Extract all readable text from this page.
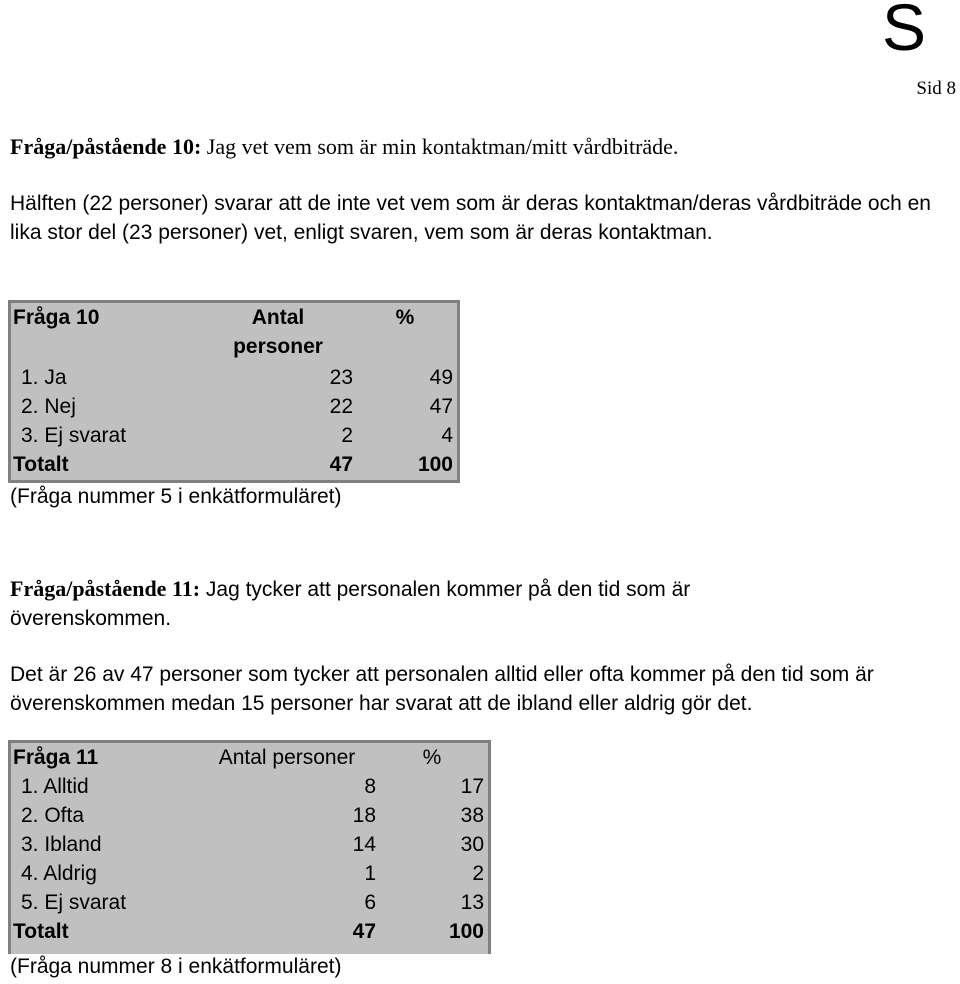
S
Sid 8
Fråga/påstående 10: Jag vet vem som är min kontaktman/mitt vårdbiträde.
Hälften (22 personer) svarar att de inte vet vem som är deras kontaktman/deras vårdbiträde och en lika stor del (23 personer) vet, enligt svaren, vem som är deras kontaktman.
Fråga 10	Antal personer	%
1. Ja	23	49
2. Nej	22	47
3. Ej svarat	2	4
Totalt	47	100
(Fråga nummer 5 i enkätformuläret)
Fråga/påstående 11: Jag tycker att personalen kommer på den tid som är överenskommen.
Det är 26 av 47 personer som tycker att personalen alltid eller ofta kommer på den tid som är överenskommen medan 15 personer har svarat att de ibland eller aldrig gör det.
Fråga 11	Antal personer	%
1. Alltid	8	17
2. Ofta	18	38
3. Ibland	14	30
4. Aldrig	1	2
5. Ej svarat	6	13
Totalt	47	100
(Fråga nummer 8 i enkätformuläret)
